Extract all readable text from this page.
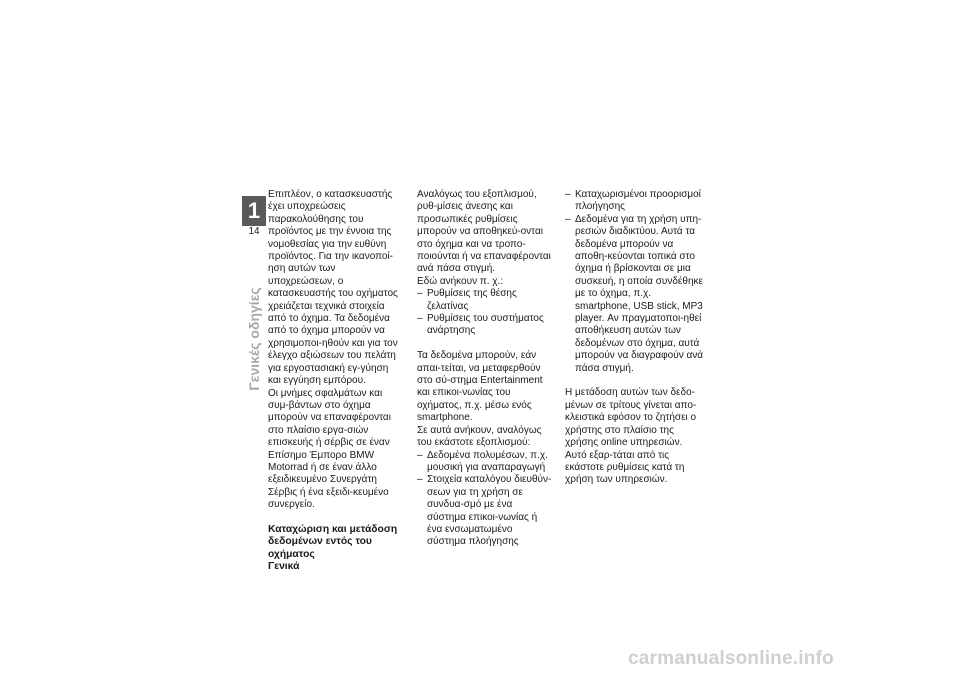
1
14
Γενικές οδηγίες
Επιπλέον, ο κατασκευαστής έχει υποχρεώσεις παρακολούθησης του προϊόντος με την έννοια της νομοθεσίας για την ευθύνη προϊόντος. Για την ικανοποί-ηση αυτών των υποχρεώσεων, ο κατασκευαστής του οχήματος χρειάζεται τεχνικά στοιχεία από το όχημα. Τα δεδομένα από το όχημα μπορούν να χρησιμοποι-ηθούν και για τον έλεγχο αξιώσεων του πελάτη για εργοστασιακή εγ-γύηση και εγγύηση εμπόρου.
Οι μνήμες σφαλμάτων και συμ-βάντων στο όχημα μπορούν να επαναφέρονται στο πλαίσιο εργα-σιών επισκευής ή σέρβις σε έναν Επίσημο Έμπορο BMW Motorrad ή σε έναν άλλο εξειδικευμένο Συνεργάτη Σέρβις ή ένα εξειδι-κευμένο συνεργείο.
Καταχώριση και μετάδοση δεδομένων εντός του οχήματος
Γενικά
Αναλόγως του εξοπλισμού, ρυθ-μίσεις άνεσης και προσωπικές ρυθμίσεις μπορούν να αποθηκεύ-ονται στο όχημα και να τροπο-ποιούνται ή να επαναφέρονται ανά πάσα στιγμή.
Εδώ ανήκουν π. χ.:
– Ρυθμίσεις της θέσης ζελατίνας
– Ρυθμίσεις του συστήματος ανάρτησης
Τα δεδομένα μπορούν, εάν απαι-τείται, να μεταφερθούν στο σύ-στημα Entertainment και επικοι-νωνίας του οχήματος, π.χ. μέσω ενός smartphone.
Σε αυτά ανήκουν, αναλόγως του εκάστοτε εξοπλισμού:
– Δεδομένα πολυμέσων, π.χ. μουσική για αναπαραγωγή
– Στοιχεία καταλόγου διευθύν-σεων για τη χρήση σε συνδυα-σμό με ένα σύστημα επικοι-νωνίας ή ένα ενσωματωμένο σύστημα πλοήγησης
– Καταχωρισμένοι προορισμοί πλοήγησης
– Δεδομένα για τη χρήση υπη-ρεσιών διαδικτύου. Αυτά τα δεδομένα μπορούν να αποθη-κεύονται τοπικά στο όχημα ή βρίσκονται σε μια συσκευή, η οποία συνδέθηκε με το όχημα, π.χ. smartphone, USB stick, MP3 player. Αν πραγματοποι-ηθεί αποθήκευση αυτών των δεδομένων στο όχημα, αυτά μπορούν να διαγραφούν ανά πάσα στιγμή.
Η μετάδοση αυτών των δεδο-μένων σε τρίτους γίνεται απο-κλειστικά εφόσον το ζητήσει ο χρήστης στο πλαίσιο της χρήσης online υπηρεσιών. Αυτό εξαρ-τάται από τις εκάστοτε ρυθμίσεις κατά τη χρήση των υπηρεσιών.
carmanualsonline.info
